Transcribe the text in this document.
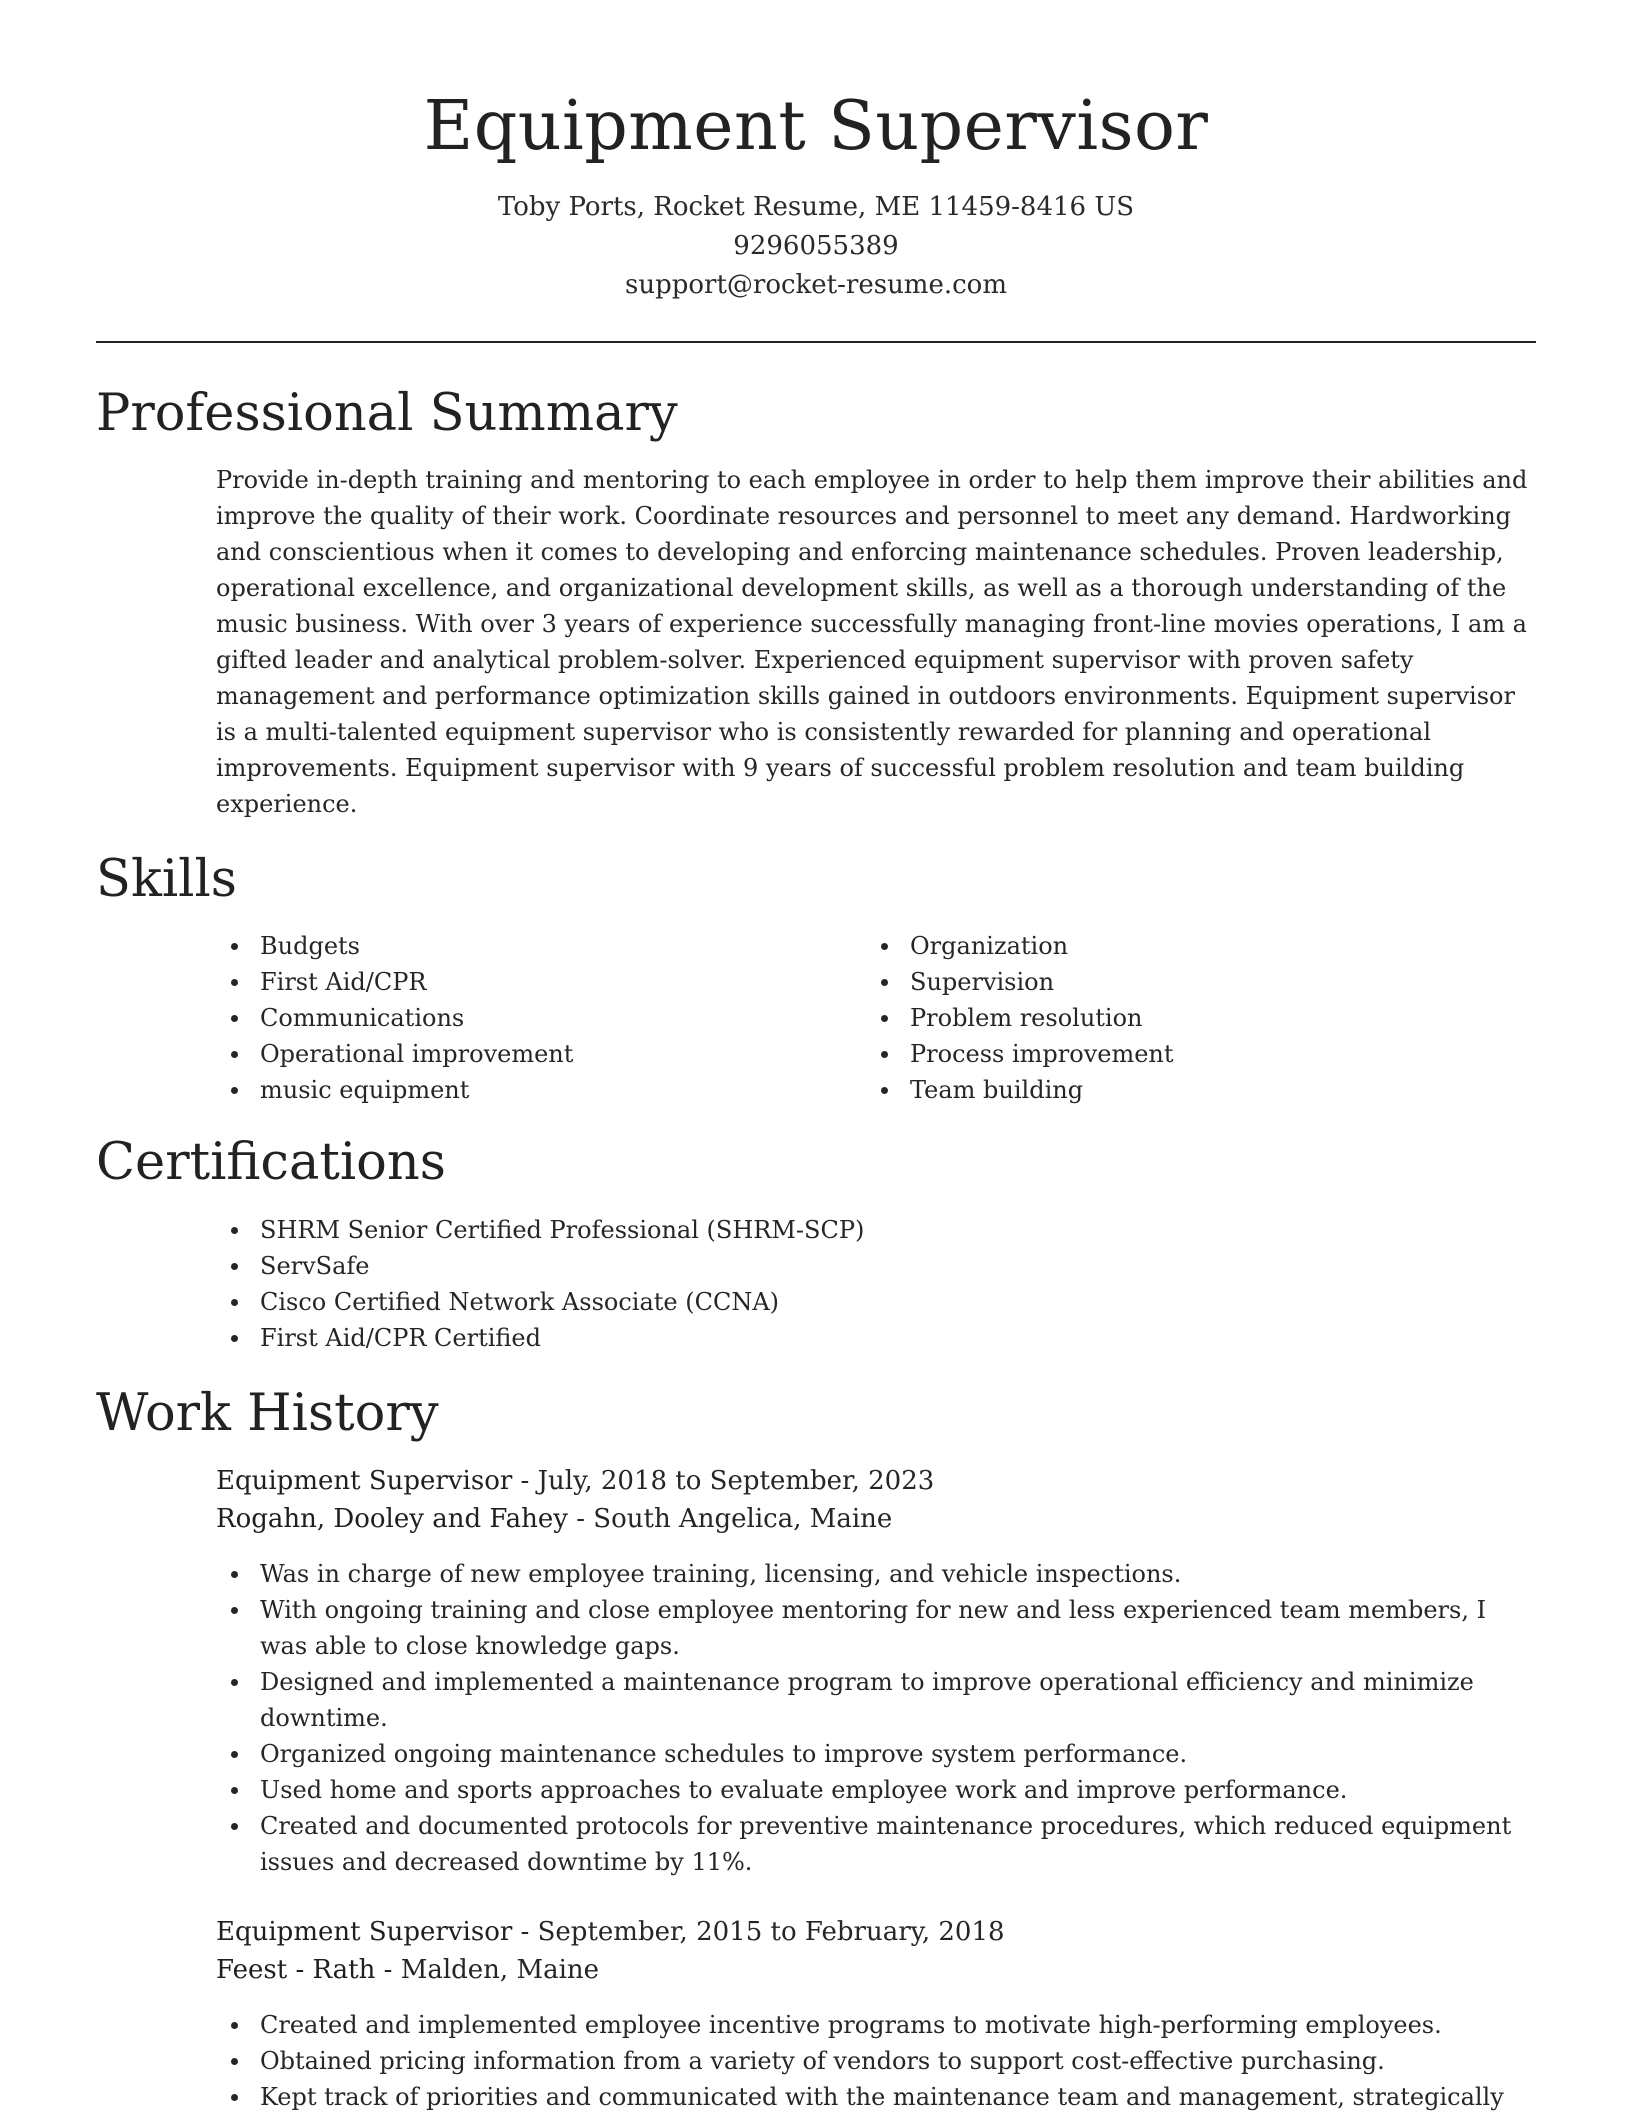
Equipment Supervisor
Toby Ports, Rocket Resume, ME 11459-8416 US
9296055389
support@rocket-resume.com
Professional Summary

Provide in-depth training and mentoring to each employee in order to help them improve their abilities and improve the quality of their work. Coordinate resources and personnel to meet any demand. Hardworking and conscientious when it comes to developing and enforcing maintenance schedules. Proven leadership, operational excellence, and organizational development skills, as well as a thorough understanding of the music business. With over 3 years of experience successfully managing front-line movies operations, I am a gifted leader and analytical problem-solver. Experienced equipment supervisor with proven safety management and performance optimization skills gained in outdoors environments. Equipment supervisor is a multi-talented equipment supervisor who is consistently rewarded for planning and operational improvements. Equipment supervisor with 9 years of successful problem resolution and team building experience.

Skills
Budgets
First Aid/CPR
Communications
Operational improvement
music equipment
Organization
Supervision
Problem resolution
Process improvement
Team building
Certifications
SHRM Senior Certified Professional (SHRM-SCP)
ServSafe
Cisco Certified Network Associate (CCNA)
First Aid/CPR Certified
Work History
Equipment Supervisor - July, 2018 to September, 2023
Rogahn, Dooley and Fahey - South Angelica, Maine
Was in charge of new employee training, licensing, and vehicle inspections.
With ongoing training and close employee mentoring for new and less experienced team members, I was able to close knowledge gaps.
Designed and implemented a maintenance program to improve operational efficiency and minimize downtime.
Organized ongoing maintenance schedules to improve system performance.
Used home and sports approaches to evaluate employee work and improve performance.
Created and documented protocols for preventive maintenance procedures, which reduced equipment issues and decreased downtime by 11%.
Equipment Supervisor - September, 2015 to February, 2018
Feest - Rath - Malden, Maine
Created and implemented employee incentive programs to motivate high-performing employees.
Obtained pricing information from a variety of vendors to support cost-effective purchasing.
Kept track of priorities and communicated with the maintenance team and management, strategically
